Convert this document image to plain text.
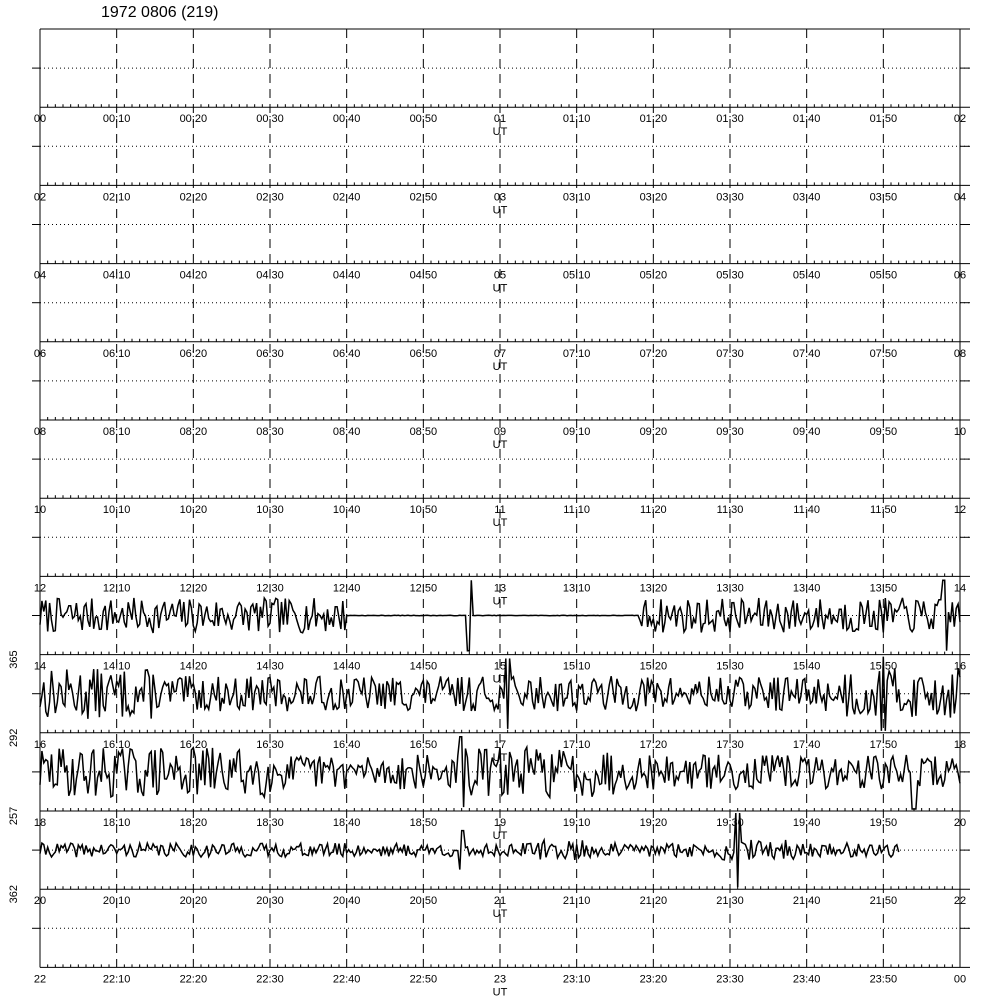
1972 0806 (219)
00	00:10	00:20	00:30	00:40	00:50	01	01:10	01:20	01:30	01:40	01:50	02
UT
02	02:10	02:20	02:30	02:40	02:50	03	03:10	03:20	03:30	03:40	03:50	04
UT
04	04:10	04:20	04:30	04:40	04:50	05	05:10	05:20	05:30	05:40	05:50	06
UT
06	06:10	06:20	06:30	06:40	06:50	07	07:10	07:20	07:30	07:40	07:50	08
UT
08	08:10	08:20	08:30	08:40	08:50	09	09:10	09:20	09:30	09:40	09:50	10
UT
10	10:10	10:20	10:30	10:40	10:50	11	11:10	11:20	11:30	11:40	11:50	12
UT
12	12:10	12:20	12:30	12:40	12:50	13	13:10	13:20	13:30	13:40	13:50	14
UT
14	14:10	14:20	14:30	14:40	14:50	15	15:10	15:20	15:30	15:40	15:50	16
UT
365
16	16:10	16:20	16:30	16:40	16:50	17	17:10	17:20	17:30	17:40	17:50	18
UT
292
18	18:10	18:20	18:30	18:40	18:50	19	19:10	19:20	19:30	19:40	19:50	20
UT
257
20	20:10	20:20	20:30	20:40	20:50	21	21:10	21:20	21:30	21:40	21:50	22
UT
362
22	22:10	22:20	22:30	22:40	22:50	23	23:10	23:20	23:30	23:40	23:50	00
UT
